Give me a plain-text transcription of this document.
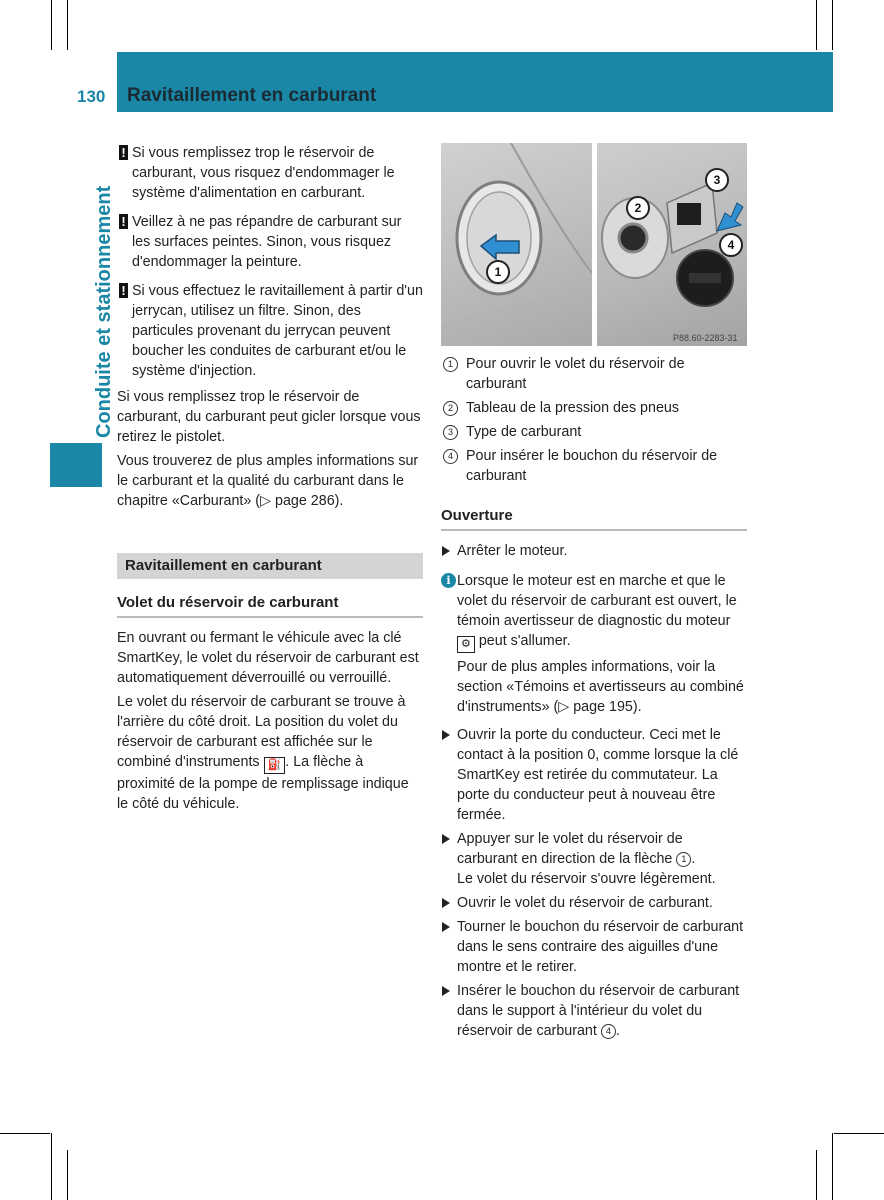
130 Ravitaillement en carburant
Conduite et stationnement
! Si vous remplissez trop le réservoir de carburant, vous risquez d'endommager le système d'alimentation en carburant.
! Veillez à ne pas répandre de carburant sur les surfaces peintes. Sinon, vous risquez d'endommager la peinture.
! Si vous effectuez le ravitaillement à partir d'un jerrycan, utilisez un filtre. Sinon, des particules provenant du jerrycan peuvent boucher les conduites de carburant et/ou le système d'injection.

Si vous remplissez trop le réservoir de carburant, du carburant peut gicler lorsque vous retirez le pistolet.

Vous trouverez de plus amples informations sur le carburant et la qualité du carburant dans le chapitre «Carburant» (▷ page 286).

Ravitaillement en carburant
Volet du réservoir de carburant

En ouvrant ou fermant le véhicule avec la clé SmartKey, le volet du réservoir de carburant est automatiquement déverrouillé ou verrouillé.

Le volet du réservoir de carburant se trouve à l'arrière du côté droit. La position du volet du réservoir de carburant est affichée sur le combiné d'instruments ⛽ . La flèche à proximité de la pompe de remplissage indique le côté du véhicule.

1
2
3
4
P88.60-2283-31
1 Pour ouvrir le volet du réservoir de carburant
2 Tableau de la pression des pneus
3 Type de carburant
4 Pour insérer le bouchon du réservoir de carburant
Ouverture
Arrêter le moteur.
i Lorsque le moteur est en marche et que le volet du réservoir de carburant est ouvert, le témoin avertisseur de diagnostic du moteur ⚙ peut s'allumer.
Pour de plus amples informations, voir la section «Témoins et avertisseurs au combiné d'instruments» (▷ page 195).
Ouvrir la porte du conducteur. Ceci met le contact à la position 0, comme lorsque la clé SmartKey est retirée du commutateur. La porte du conducteur peut à nouveau être fermée.
Appuyer sur le volet du réservoir de carburant en direction de la flèche 1 .
Le volet du réservoir s'ouvre légèrement.
Ouvrir le volet du réservoir de carburant.
Tourner le bouchon du réservoir de carburant dans le sens contraire des aiguilles d'une montre et le retirer.
Insérer le bouchon du réservoir de carburant dans le support à l'intérieur du volet du réservoir de carburant 4 .
